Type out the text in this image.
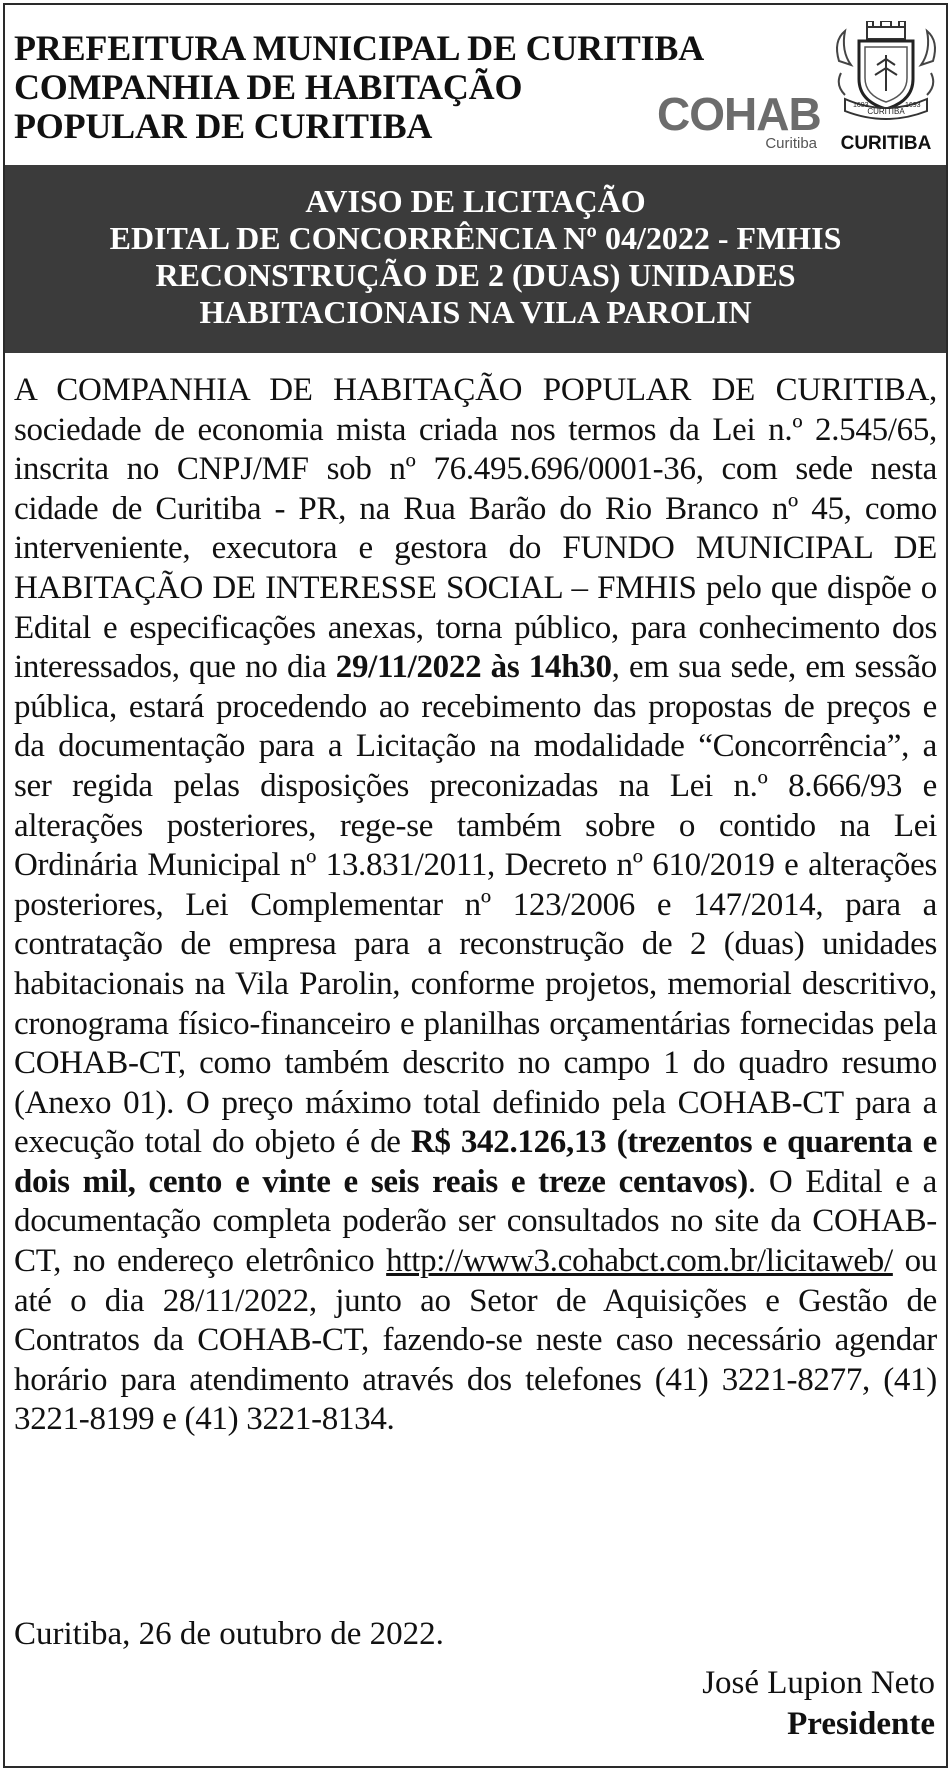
PREFEITURA MUNICIPAL DE CURITIBA
COMPANHIA DE HABITAÇÃO
POPULAR DE CURITIBA	COHAB
Curitiba
CURITIBA
1693	1693
CURITIBA
AVISO DE LICITAÇÃO
EDITAL DE CONCORRÊNCIA Nº 04/2022 - FMHIS
RECONSTRUÇÃO DE 2 (DUAS) UNIDADES
HABITACIONAIS NA VILA PAROLIN

A COMPANHIA DE HABITAÇÃO POPULAR DE CURITIBA, sociedade de economia mista criada nos termos da Lei n.º 2.545/65, inscrita no CNPJ/MF sob nº 76.495.696/0001-36, com sede nesta cidade de Curitiba - PR, na Rua Barão do Rio Branco nº 45, como interveniente, executora e gestora do FUNDO MUNICIPAL DE HABITAÇÃO DE INTERESSE SOCIAL – FMHIS pelo que dispõe o Edital e especificações anexas, torna público, para conhecimento dos interessados, que no dia 29/11/2022 às 14h30, em sua sede, em sessão pública, estará procedendo ao recebimento das propostas de preços e da documentação para a Licitação na modalidade “Concorrência”, a ser regida pelas disposições preconizadas na Lei n.º 8.666/93 e alterações posteriores, rege-se também sobre o contido na Lei Ordinária Municipal nº 13.831/2011, Decreto nº 610/2019 e alterações posteriores, Lei Complementar nº 123/2006 e 147/2014, para a contratação de empresa para a reconstrução de 2 (duas) unidades habitacionais na Vila Parolin, conforme projetos, memorial descritivo, cronograma físico-financeiro e planilhas orçamentárias fornecidas pela COHAB-CT, como também descrito no campo 1 do quadro resumo (Anexo 01). O preço máximo total definido pela COHAB-CT para a execução total do objeto é de R$ 342.126,13 (trezentos e quarenta e dois mil, cento e vinte e seis reais e treze centavos). O Edital e a documentação completa poderão ser consultados no site da COHAB-CT, no endereço eletrônico http://www3.cohabct.com.br/licitaweb/ ou até o dia 28/11/2022, junto ao Setor de Aquisições e Gestão de Contratos da COHAB-CT, fazendo-se neste caso necessário agendar horário para atendimento através dos telefones (41) 3221-8277, (41) 3221-8199 e (41) 3221-8134.

Curitiba, 26 de outubro de 2022.

José Lupion Neto

Presidente
